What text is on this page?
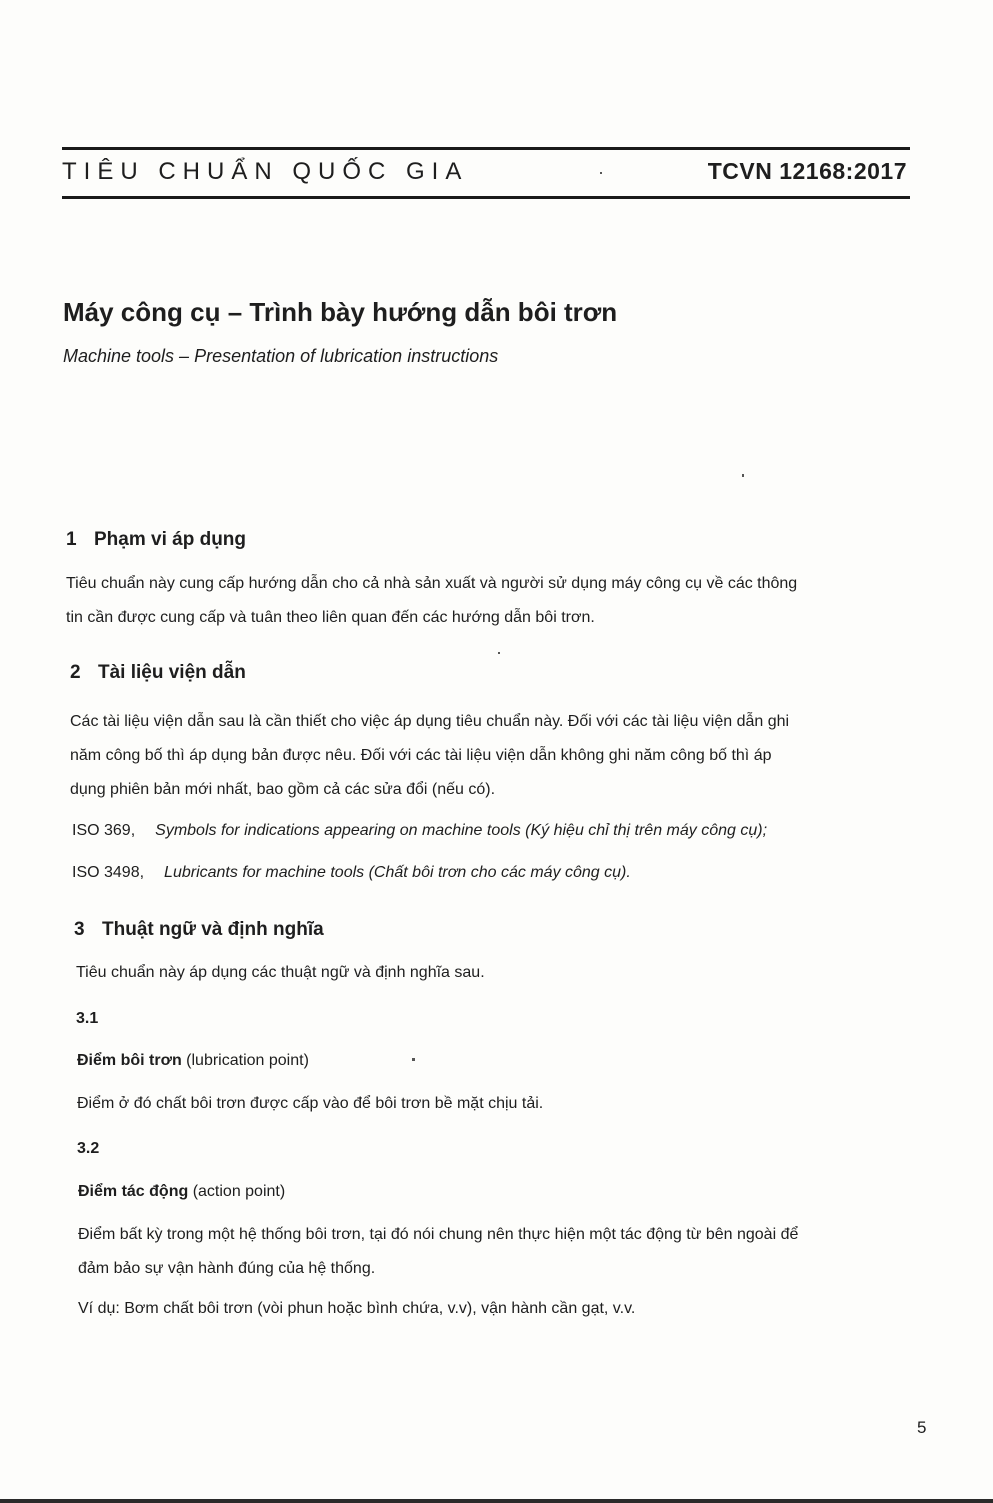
TIÊU CHUẨN QUỐC GIA	TCVN 12168:2017
Máy công cụ – Trình bày hướng dẫn bôi trơn
Machine tools – Presentation of lubrication instructions
1 Phạm vi áp dụng
Tiêu chuẩn này cung cấp hướng dẫn cho cả nhà sản xuất và người sử dụng máy công cụ về các thông
tin cần được cung cấp và tuân theo liên quan đến các hướng dẫn bôi trơn.
2 Tài liệu viện dẫn
Các tài liệu viện dẫn sau là cần thiết cho việc áp dụng tiêu chuẩn này. Đối với các tài liệu viện dẫn ghi
năm công bố thì áp dụng bản được nêu. Đối với các tài liệu viện dẫn không ghi năm công bố thì áp
dụng phiên bản mới nhất, bao gồm cả các sửa đổi (nếu có).
ISO 369, Symbols for indications appearing on machine tools (Ký hiệu chỉ thị trên máy công cụ);
ISO 3498, Lubricants for machine tools (Chất bôi trơn cho các máy công cụ).
3 Thuật ngữ và định nghĩa
Tiêu chuẩn này áp dụng các thuật ngữ và định nghĩa sau.
3.1
Điểm bôi trơn (lubrication point)
Điểm ở đó chất bôi trơn được cấp vào để bôi trơn bề mặt chịu tải.
3.2
Điểm tác động (action point)
Điểm bất kỳ trong một hệ thống bôi trơn, tại đó nói chung nên thực hiện một tác động từ bên ngoài để
đảm bảo sự vận hành đúng của hệ thống.
Ví dụ: Bơm chất bôi trơn (vòi phun hoặc bình chứa, v.v), vận hành cần gạt, v.v.
5
